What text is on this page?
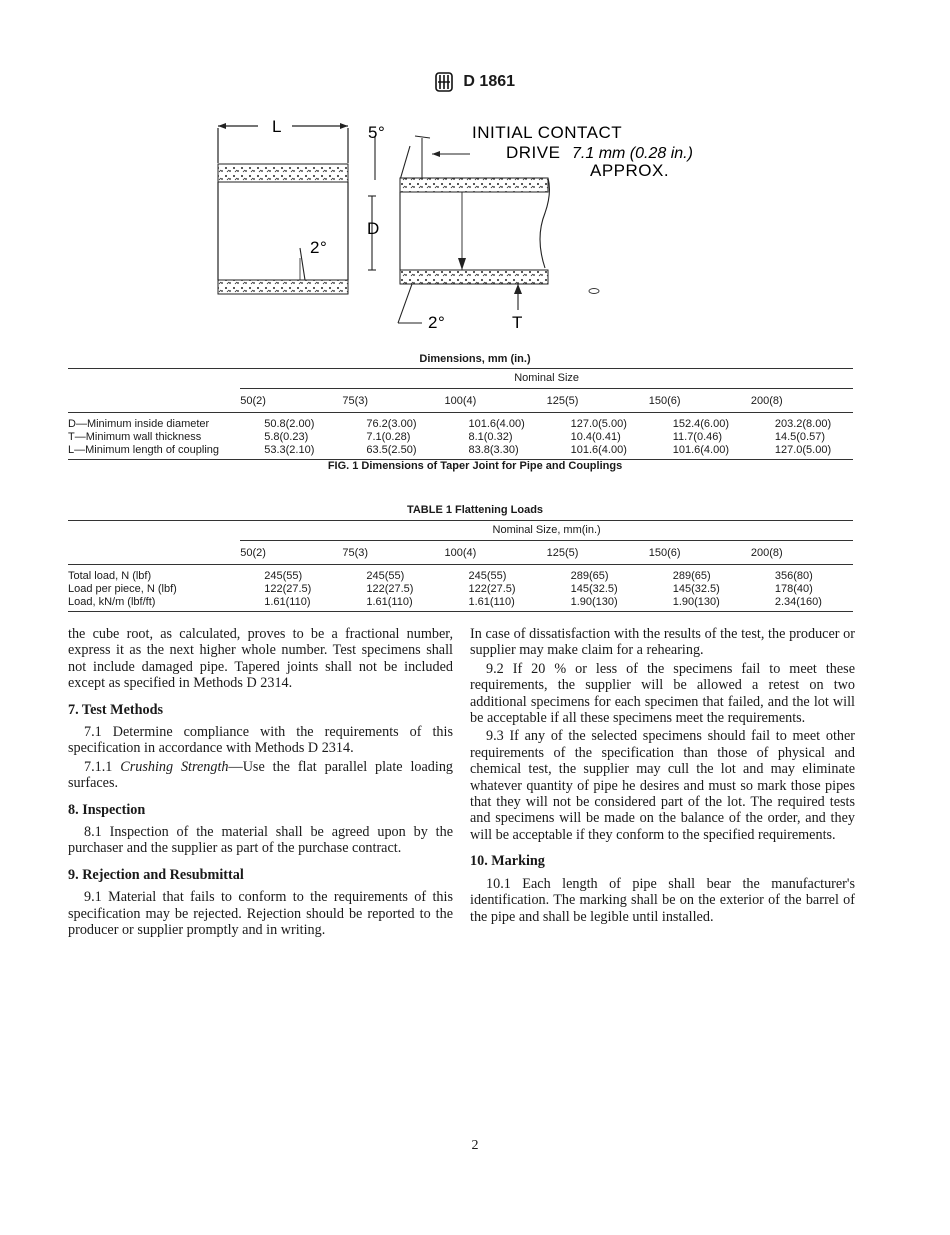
D 1861
L	5°	INITIAL CONTACT
DRIVE 7.1 mm (0.28 in.)
APPROX.
D
2°
2°	T
Dimensions, mm (in.)
	Nominal Size					
	50(2)	75(3)	100(4)	125(5)	150(6)	200(8)
D—Minimum inside diameter	50.8(2.00)	76.2(3.00)	101.6(4.00)	127.0(5.00)	152.4(6.00)	203.2(8.00)
T—Minimum wall thickness	5.8(0.23)	7.1(0.28)	8.1(0.32)	10.4(0.41)	11.7(0.46)	14.5(0.57)
L—Minimum length of coupling	53.3(2.10)	63.5(2.50)	83.8(3.30)	101.6(4.00)	101.6(4.00)	127.0(5.00)
FIG. 1 Dimensions of Taper Joint for Pipe and Couplings
TABLE 1 Flattening Loads
	Nominal Size, mm(in.)					
	50(2)	75(3)	100(4)	125(5)	150(6)	200(8)
Total load, N (lbf)	245(55)	245(55)	245(55)	289(65)	289(65)	356(80)
Load per piece, N (lbf)	122(27.5)	122(27.5)	122(27.5)	145(32.5)	145(32.5)	178(40)
Load, kN/m (lbf/ft)	1.61(110)	1.61(110)	1.61(110)	1.90(130)	1.90(130)	2.34(160)

the cube root, as calculated, proves to be a fractional number, express it as the next higher whole number. Test specimens shall not include damaged pipe. Tapered joints shall not be included except as specified in Methods D 2314.

7. Test Methods

7.1 Determine compliance with the requirements of this specification in accordance with Methods D 2314.

7.1.1 Crushing Strength—Use the flat parallel plate loading surfaces.

8. Inspection

8.1 Inspection of the material shall be agreed upon by the purchaser and the supplier as part of the purchase contract.

9. Rejection and Resubmittal

9.1 Material that fails to conform to the requirements of this specification may be rejected. Rejection should be reported to the producer or supplier promptly and in writing.

In case of dissatisfaction with the results of the test, the producer or supplier may make claim for a rehearing.

9.2 If 20 % or less of the specimens fail to meet these requirements, the supplier will be allowed a retest on two additional specimens for each specimen that failed, and the lot will be acceptable if all these specimens meet the requirements.

9.3 If any of the selected specimens should fail to meet other requirements of the specification than those of physical and chemical test, the supplier may cull the lot and may eliminate whatever quantity of pipe he desires and must so mark those pipes that they will not be considered part of the lot. The required tests and specimens will be made on the balance of the order, and they will be acceptable if they conform to the specified requirements.

10. Marking

10.1 Each length of pipe shall bear the manufacturer's identification. The marking shall be on the exterior of the barrel of the pipe and shall be legible until installed.

2
